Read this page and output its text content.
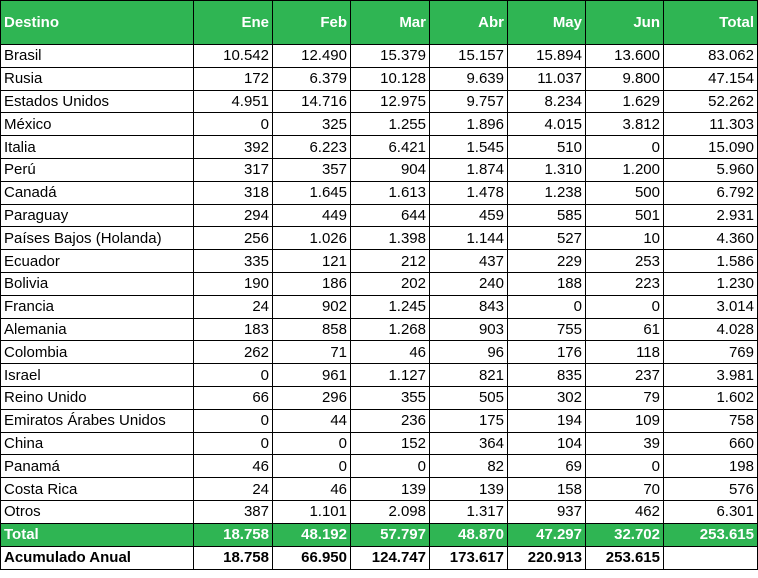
Destino	Ene	Feb	Mar	Abr	May	Jun	Total
Brasil	10.542	12.490	15.379	15.157	15.894	13.600	83.062
Rusia	172	6.379	10.128	9.639	11.037	9.800	47.154
Estados Unidos	4.951	14.716	12.975	9.757	8.234	1.629	52.262
México	0	325	1.255	1.896	4.015	3.812	11.303
Italia	392	6.223	6.421	1.545	510	0	15.090
Perú	317	357	904	1.874	1.310	1.200	5.960
Canadá	318	1.645	1.613	1.478	1.238	500	6.792
Paraguay	294	449	644	459	585	501	2.931
Países Bajos (Holanda)	256	1.026	1.398	1.144	527	10	4.360
Ecuador	335	121	212	437	229	253	1.586
Bolivia	190	186	202	240	188	223	1.230
Francia	24	902	1.245	843	0	0	3.014
Alemania	183	858	1.268	903	755	61	4.028
Colombia	262	71	46	96	176	118	769
Israel	0	961	1.127	821	835	237	3.981
Reino Unido	66	296	355	505	302	79	1.602
Emiratos Árabes Unidos	0	44	236	175	194	109	758
China	0	0	152	364	104	39	660
Panamá	46	0	0	82	69	0	198
Costa Rica	24	46	139	139	158	70	576
Otros	387	1.101	2.098	1.317	937	462	6.301
Total	18.758	48.192	57.797	48.870	47.297	32.702	253.615
Acumulado Anual	18.758	66.950	124.747	173.617	220.913	253.615	
